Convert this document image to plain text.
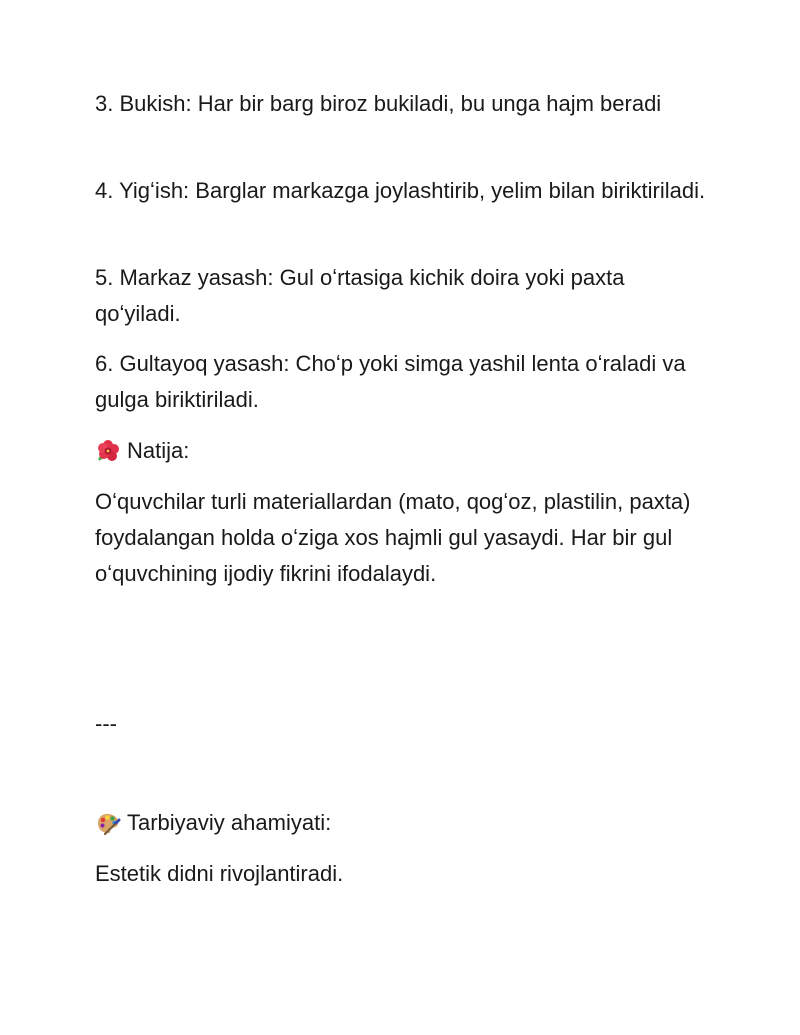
3. Bukish: Har bir barg biroz bukiladi, bu unga hajm beradi

4. Yigʻish: Barglar markazga joylashtirib, yelim bilan biriktiriladi.

5. Markaz yasash: Gul oʻrtasiga kichik doira yoki paxta qoʻyiladi.

6. Gultayoq yasash: Choʻp yoki simga yashil lenta oʻraladi va gulga biriktiriladi.

Natija:

Oʻquvchilar turli materiallardan (mato, qogʻoz, plastilin, paxta) foydalangan holda oʻziga xos hajmli gul yasaydi. Har bir gul oʻquvchining ijodiy fikrini ifodalaydi.

---
Tarbiyaviy ahamiyati:

Estetik didni rivojlantiradi.
